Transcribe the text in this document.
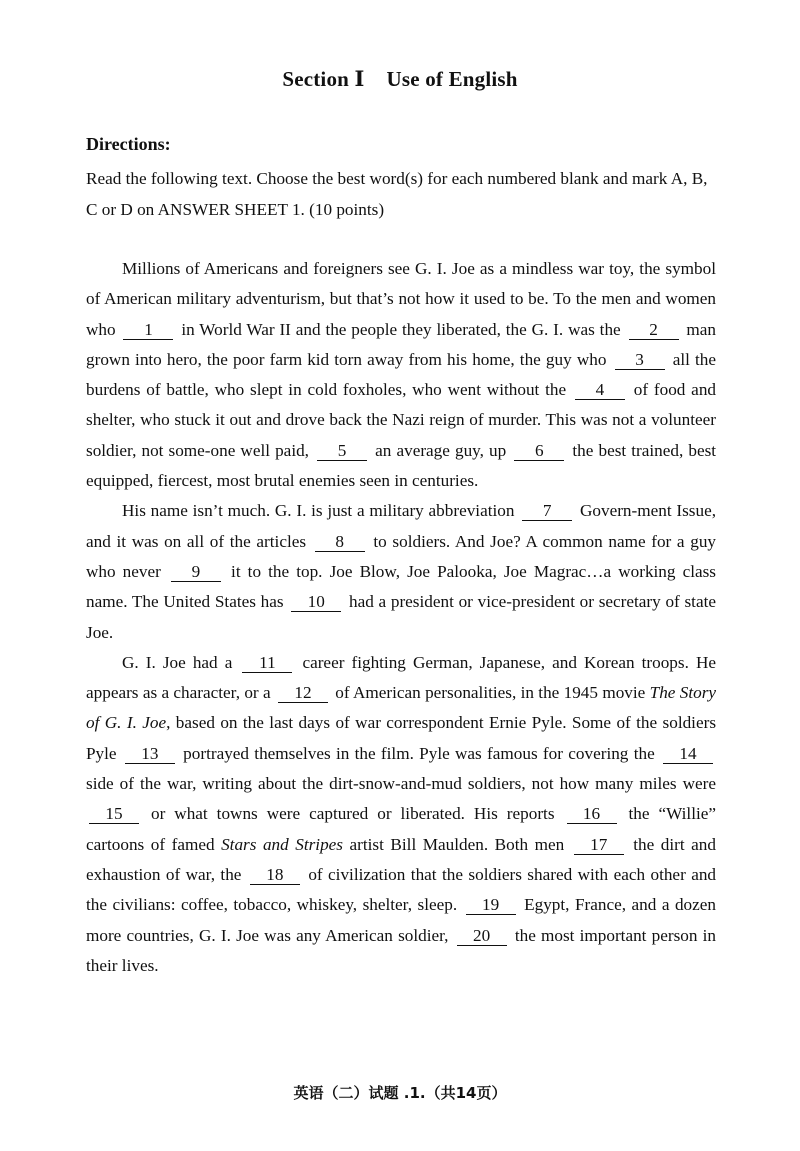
Section Ⅰ Use of English
Directions:
Read the following text. Choose the best word(s) for each numbered blank and mark A, B, C or D on ANSWER SHEET 1. (10 points)

Millions of Americans and foreigners see G. I. Joe as a mindless war toy, the symbol of American military adventurism, but that’s not how it used to be. To the men and women who 1 in World War II and the people they liberated, the G. I. was the 2 man grown into hero, the poor farm kid torn away from his home, the guy who 3 all the burdens of battle, who slept in cold foxholes, who went without the 4 of food and shelter, who stuck it out and drove back the Nazi reign of murder. This was not a volunteer soldier, not some-one well paid, 5 an average guy, up 6 the best trained, best equipped, fiercest, most brutal enemies seen in centuries.

His name isn’t much. G. I. is just a military abbreviation 7 Govern-ment Issue, and it was on all of the articles 8 to soldiers. And Joe? A common name for a guy who never 9 it to the top. Joe Blow, Joe Palooka, Joe Magrac…a working class name. The United States has 10 had a president or vice-president or secretary of state Joe.

G. I. Joe had a 11 career fighting German, Japanese, and Korean troops. He appears as a character, or a 12 of American personalities, in the 1945 movie The Story of G. I. Joe, based on the last days of war correspondent Ernie Pyle. Some of the soldiers Pyle 13 portrayed themselves in the film. Pyle was famous for covering the 14 side of the war, writing about the dirt-snow-and-mud soldiers, not how many miles were 15 or what towns were captured or liberated. His reports 16 the “Willie” cartoons of famed Stars and Stripes artist Bill Maulden. Both men 17 the dirt and exhaustion of war, the 18 of civilization that the soldiers shared with each other and the civilians: coffee, tobacco, whiskey, shelter, sleep. 19 Egypt, France, and a dozen more countries, G. I. Joe was any American soldier, 20 the most important person in their lives.

英语（二）试题 .1.（共14页）
